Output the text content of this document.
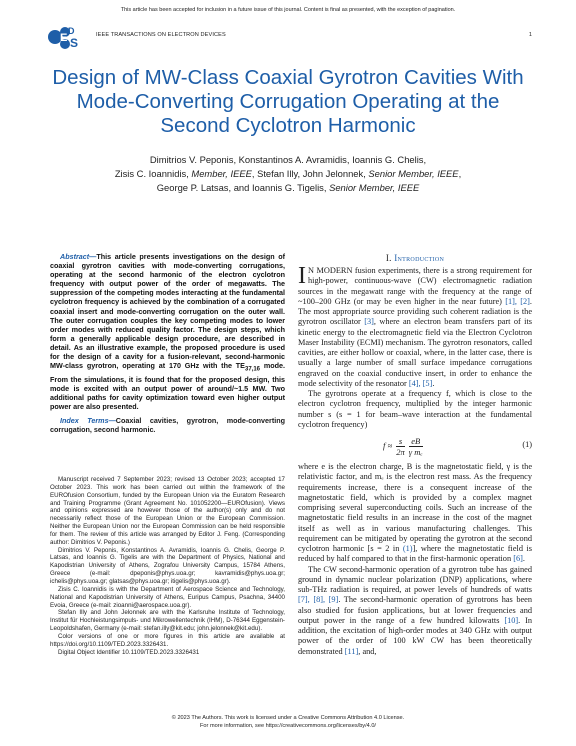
This article has been accepted for inclusion in a future issue of this journal. Content is final as presented, with the exception of pagination.
E S
D	IEEE TRANSACTIONS ON ELECTRON DEVICES	1
Design of MW-Class Coaxial Gyrotron Cavities With Mode-Converting Corrugation Operating at the Second Cyclotron Harmonic
Dimitrios V. Peponis, Konstantinos A. Avramidis, Ioannis G. Chelis,
Zisis C. Ioannidis, Member, IEEE, Stefan Illy, John Jelonnek, Senior Member, IEEE,
George P. Latsas, and Ioannis G. Tigelis, Senior Member, IEEE

Abstract—This article presents investigations on the design of coaxial gyrotron cavities with mode-converting corrugations, operating at the second harmonic of the electron cyclotron frequency with output power of the order of megawatts. The suppression of the competing modes interacting at the fundamental cyclotron frequency is achieved by the combination of a corrugated coaxial insert and mode-converting corrugation on the outer wall. The outer corrugation couples the key competing modes to lower order modes with reduced quality factor. The design steps, which form a generally applicable design procedure, are described in detail. As an illustrative example, the proposed procedure is used for the design of a cavity for a fusion-relevant, second-harmonic MW-class gyrotron, operating at 170 GHz with the $TE_{37,16}$ mode. From the simulations, it is found that for the proposed design, this mode is excited with an output power of around/~1.5 MW. Two additional paths for cavity optimization toward even higher output power are also presented.

Index Terms—Coaxial cavities, gyrotron, mode-converting corrugation, second harmonic.

Manuscript received 7 September 2023; revised 13 October 2023; accepted 17 October 2023. This work has been carried out within the framework of the EUROfusion Consortium, funded by the European Union via the Euratom Research and Training Programme (Grant Agreement No. 101052200—EUROfusion). Views and opinions expressed are however those of the author(s) only and do not necessarily reflect those of the European Union or the European Commission. Neither the European Union nor the European Commission can be held responsible for them. The review of this article was arranged by Editor J. Feng. (Corresponding author: Dimitrios V. Peponis.)

Dimitrios V. Peponis, Konstantinos A. Avramidis, Ioannis G. Chelis, George P. Latsas, and Ioannis G. Tigelis are with the Department of Physics, National and Kapodistrian University of Athens, Zografou University Campus, 15784 Athens, Greece (e-mail: dpeponis@phys.uoa.gr; kavramidis@phys.uoa.gr; ichelis@phys.uoa.gr; glatsas@phys.uoa.gr; itigelis@phys.uoa.gr).

Zisis C. Ioannidis is with the Department of Aerospace Science and Technology, National and Kapodistrian University of Athens, Euripus Campus, Psachna, 34400 Evoia, Greece (e-mail: zioanni@aerospace.uoa.gr).

Stefan Illy and John Jelonnek are with the Karlsruhe Institute of Technology, Institut für Hochleistungsimpuls- und Mikrowellentechnik (IHM), D-76344 Eggenstein-Leopoldshafen, Germany (e-mail: stefan.illy@kit.edu; john.jelonnek@kit.edu).

Color versions of one or more figures in this article are available at https://doi.org/10.1109/TED.2023.3326431.

Digital Object Identifier 10.1109/TED.2023.3326431

I. Introduction

I N MODERN fusion experiments, there is a strong requirement for high-power, continuous-wave (CW) electromagnetic radiation sources in the megawatt range with the frequency at the range of ~100–200 GHz (or may be even higher in the near future) [1], [2]. The most appropriate source providing such coherent radiation is the gyrotron oscillator [3], where an electron beam transfers part of its kinetic energy to the electromagnetic field via the Electron Cyclotron Maser Instability (ECMI) mechanism. The gyrotron resonators, called cavities, are either hollow or coaxial, where, in the latter case, there is usually a large number of small surface impedance corrugations engraved on the coaxial conductive insert, in order to enhance the mode selectivity of the resonator [4], [5].

The gyrotrons operate at a frequency f, which is close to the electron cyclotron frequency, multiplied by the integer harmonic number s (s = 1 for beam–wave interaction at the fundamental cyclotron frequency)

$f \approx \frac{s}{2\pi} \frac{eB}{\text{γ mₑ}}$	(1)

where e is the electron charge, B is the magnetostatic field, γ is the relativistic factor, and mₑ is the electron rest mass. As the frequency requirements increase, there is a consequent increase of the magnetostatic field, which is provided by a complex magnet comprising several superconducting coils. Such an increase of the magnetostatic field results in an increase in the cost of the magnet itself as well as in various manufacturing challenges. This requirement can be mitigated by operating the gyrotron at the second cyclotron harmonic [s = 2 in (1)], where the magnetostatic field is reduced by half compared to that in the first-harmonic operation [6].

The CW second-harmonic operation of a gyrotron tube has gained ground in dynamic nuclear polarization (DNP) applications, where sub-THz radiation is required, at power levels of hundreds of watts [7], [8], [9]. The second-harmonic operation of gyrotrons has been also studied for fusion applications, but at lower frequencies and output power in the range of a few hundred kilowatts [10]. In addition, the excitation of high-order modes at 340 GHz with output power of the order of 100 kW CW has been theoretically demonstrated [11], and,

© 2023 The Authors. This work is licensed under a Creative Commons Attribution 4.0 License.
For more information, see https://creativecommons.org/licenses/by/4.0/
